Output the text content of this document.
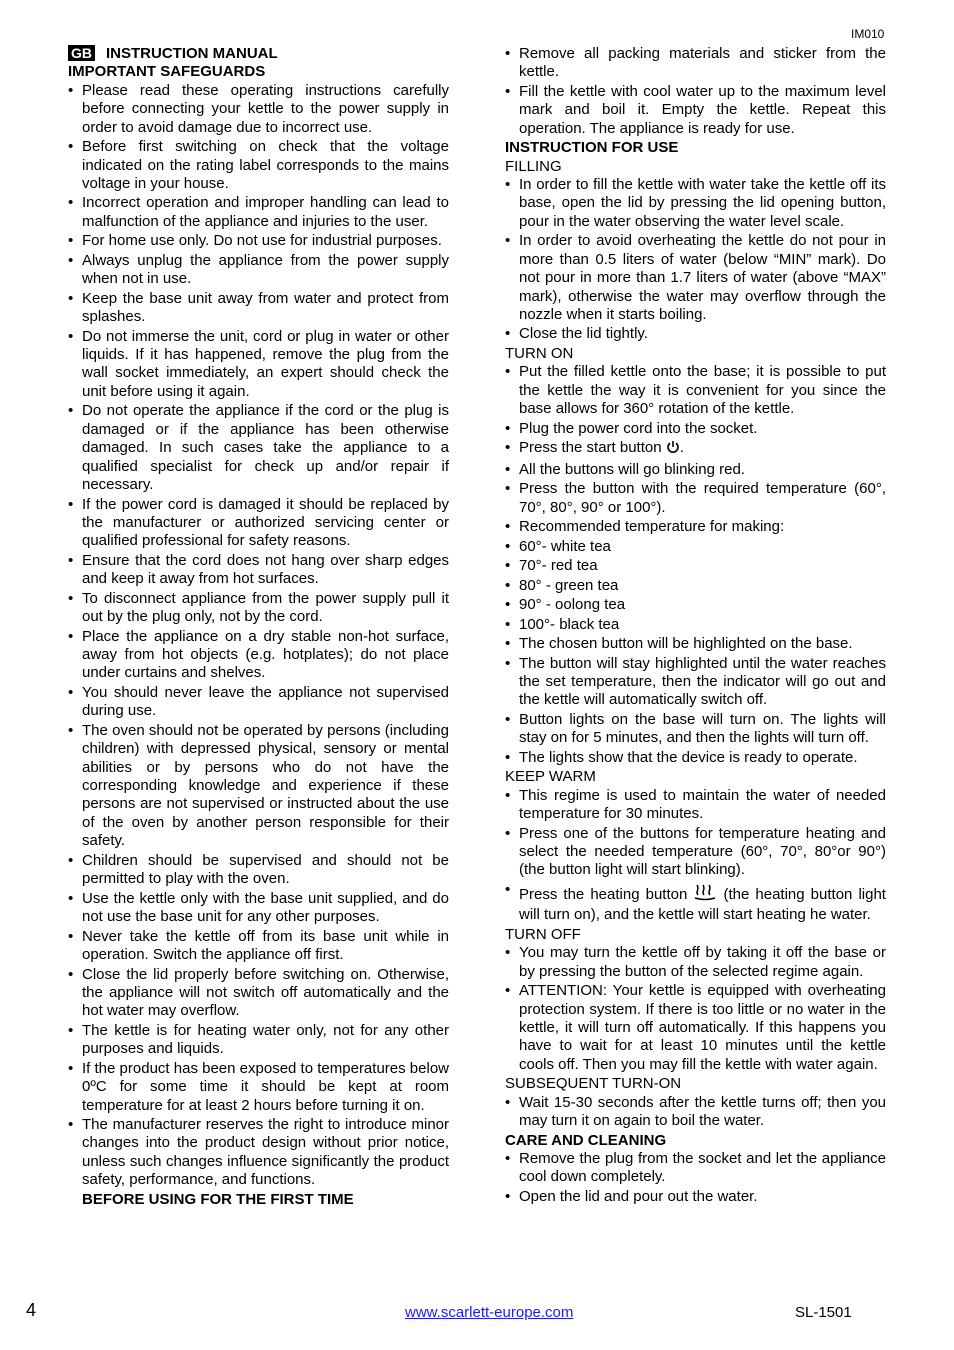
IM010

GB INSTRUCTION MANUAL

IMPORTANT SAFEGUARDS

• Please read these operating instructions carefully before connecting your kettle to the power supply in order to avoid damage due to incorrect use.
• Before first switching on check that the voltage indicated on the rating label corresponds to the mains voltage in your house.
• Incorrect operation and improper handling can lead to malfunction of the appliance and injuries to the user.
• For home use only. Do not use for industrial purposes.
• Always unplug the appliance from the power supply when not in use.
• Keep the base unit away from water and protect from splashes.
• Do not immerse the unit, cord or plug in water or other liquids. If it has happened, remove the plug from the wall socket immediately, an expert should check the unit before using it again.
• Do not operate the appliance if the cord or the plug is damaged or if the appliance has been otherwise damaged. In such cases take the appliance to a qualified specialist for check up and/or repair if necessary.
• If the power cord is damaged it should be replaced by the manufacturer or authorized servicing center or qualified professional for safety reasons.
• Ensure that the cord does not hang over sharp edges and keep it away from hot surfaces.
• To disconnect appliance from the power supply pull it out by the plug only, not by the cord.
• Place the appliance on a dry stable non-hot surface, away from hot objects (e.g. hotplates); do not place under curtains and shelves.
• You should never leave the appliance not supervised during use.
• The oven should not be operated by persons (including children) with depressed physical, sensory or mental abilities or by persons who do not have the corresponding knowledge and experience if these persons are not supervised or instructed about the use of the oven by another person responsible for their safety.
• Children should be supervised and should not be permitted to play with the oven.
• Use the kettle only with the base unit supplied, and do not use the base unit for any other purposes.
• Never take the kettle off from its base unit while in operation. Switch the appliance off first.
• Close the lid properly before switching on. Otherwise, the appliance will not switch off automatically and the hot water may overflow.
• The kettle is for heating water only, not for any other purposes and liquids.
• If the product has been exposed to temperatures below 0ºC for some time it should be kept at room temperature for at least 2 hours before turning it on.
• The manufacturer reserves the right to introduce minor changes into the product design without prior notice, unless such changes influence significantly the product safety, performance, and functions.

BEFORE USING FOR THE FIRST TIME

• Remove all packing materials and sticker from the kettle.
• Fill the kettle with cool water up to the maximum level mark and boil it. Empty the kettle. Repeat this operation. The appliance is ready for use.

INSTRUCTION FOR USE

FILLING

• In order to fill the kettle with water take the kettle off its base, open the lid by pressing the lid opening button, pour in the water observing the water level scale.
• In order to avoid overheating the kettle do not pour in more than 0.5 liters of water (below “MIN” mark). Do not pour in more than 1.7 liters of water (above “MAX” mark), otherwise the water may overflow through the nozzle when it starts boiling.
• Close the lid tightly.

TURN ON

• Put the filled kettle onto the base; it is possible to put the kettle the way it is convenient for you since the base allows for 360° rotation of the kettle.
• Plug the power cord into the socket.
• Press the start button .
• All the buttons will go blinking red.
• Press the button with the required temperature (60°, 70°, 80°, 90° or 100°).
• Recommended temperature for making:
• 60°- white tea
• 70°- red tea
• 80° - green tea
• 90° - oolong tea
• 100°- black tea
• The chosen button will be highlighted on the base.
• The button will stay highlighted until the water reaches the set temperature, then the indicator will go out and the kettle will automatically switch off.
• Button lights on the base will turn on. The lights will stay on for 5 minutes, and then the lights will turn off.
• The lights show that the device is ready to operate.

KEEP WARM

• This regime is used to maintain the water of needed temperature for 30 minutes.
• Press one of the buttons for temperature heating and select the needed temperature (60°, 70°, 80°or 90°) (the button light will start blinking).
• Press the heating button (the heating button light will turn on), and the kettle will start heating he water.

TURN OFF

• You may turn the kettle off by taking it off the base or by pressing the button of the selected regime again.
• ATTENTION: Your kettle is equipped with overheating protection system. If there is too little or no water in the kettle, it will turn off automatically. If this happens you have to wait for at least 10 minutes until the kettle cools off. Then you may fill the kettle with water again.

SUBSEQUENT TURN-ON

• Wait 15-30 seconds after the kettle turns off; then you may turn it on again to boil the water.

CARE AND CLEANING

• Remove the plug from the socket and let the appliance cool down completely.
• Open the lid and pour out the water.
4	www.scarlett-europe.com	SL-1501
